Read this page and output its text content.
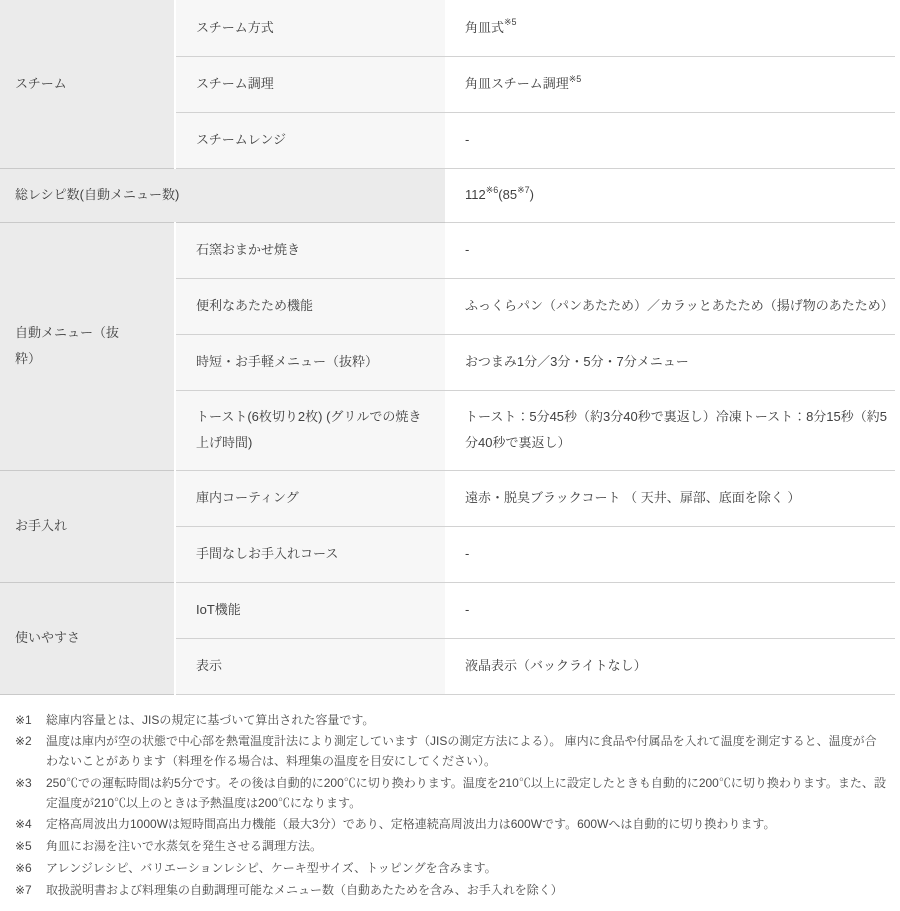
スチーム	スチーム方式	角皿式$^{※5}$
	スチーム調理	角皿スチーム調理$^{※5}$
	スチームレンジ	-
総レシピ数(自動メニュー数)		112$^{※6}$(85$^{※7}$)
自動メニュー（抜粋）	石窯おまかせ焼き	-
	便利なあたため機能	ふっくらパン（パンあたため）／カラッとあたため（揚げ物のあたため）
	時短・お手軽メニュー（抜粋）	おつまみ1分／3分・5分・7分メニュー
	トースト(6枚切り2枚) (グリルでの焼き上げ時間)	トースト：5分45秒（約3分40秒で裏返し）冷凍トースト：8分15秒（約5分40秒で裏返し）
お手入れ	庫内コーティング	遠赤・脱臭ブラックコート （ 天井、扉部、底面を除く ）
	手間なしお手入れコース	-
使いやすさ	IoT機能	-
	表示	液晶表示（バックライトなし）
※1	総庫内容量とは、JISの規定に基づいて算出された容量です。
※2	温度は庫内が空の状態で中心部を熱電温度計法により測定しています（JISの測定方法による）。 庫内に食品や付属品を入れて温度を測定すると、温度が合わないことがあります（料理を作る場合は、料理集の温度を目安にしてください）。
※3	250℃での運転時間は約5分です。その後は自動的に200℃に切り換わります。温度を210℃以上に設定したときも自動的に200℃に切り換わります。また、設定温度が210℃以上のときは予熱温度は200℃になります。
※4	定格高周波出力1000Wは短時間高出力機能（最大3分）であり、定格連続高周波出力は600Wです。600Wへは自動的に切り換わります。
※5	角皿にお湯を注いで水蒸気を発生させる調理方法。
※6	アレンジレシピ、バリエーションレシピ、ケーキ型サイズ、トッピングを含みます。
※7	取扱説明書および料理集の自動調理可能なメニュー数（自動あたためを含み、お手入れを除く）
